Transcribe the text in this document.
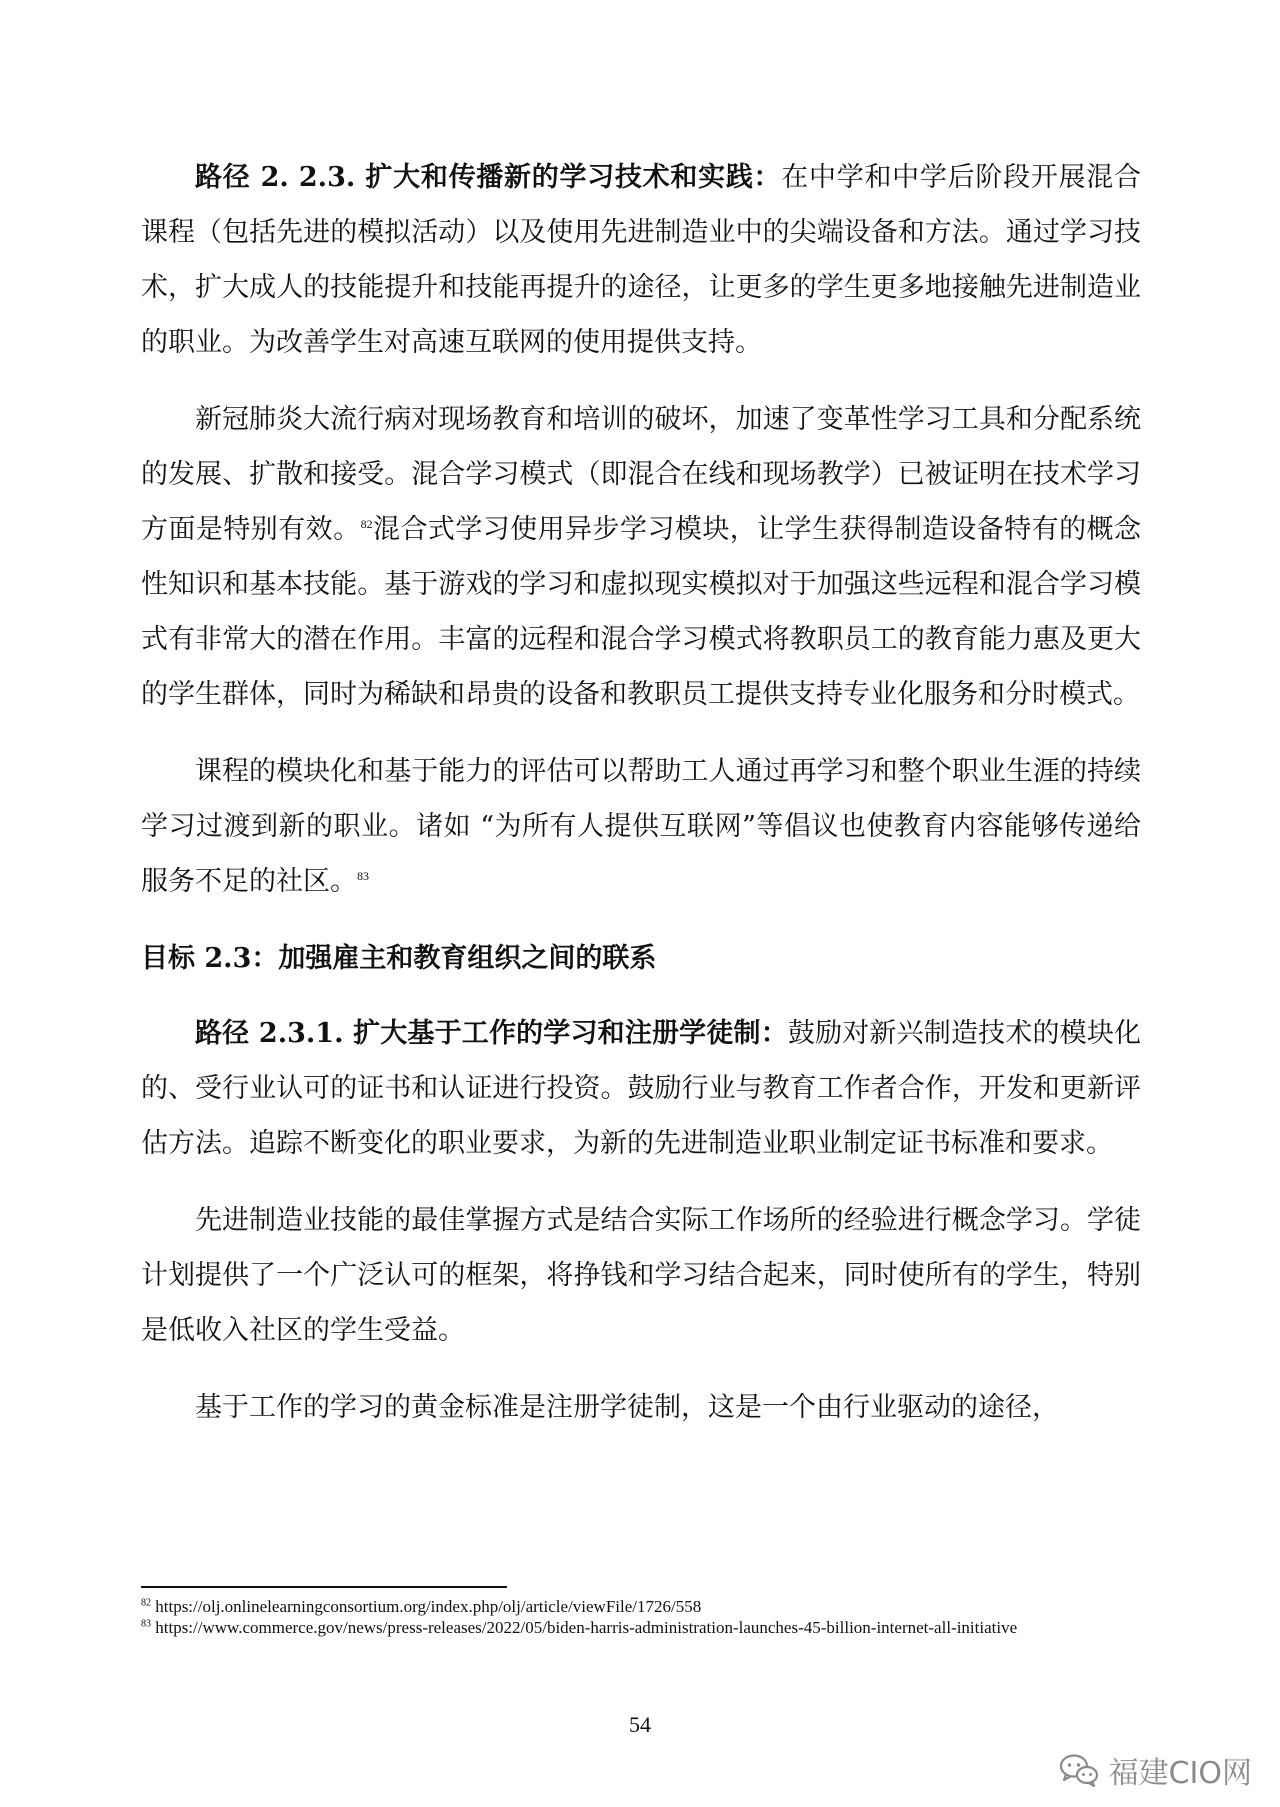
路径 2. 2.3. 扩大和传播新的学习技术和实践：在中学和中学后阶段开展混合课程（包括先进的模拟活动）以及使用先进制造业中的尖端设备和方法。通过学习技术，扩大成人的技能提升和技能再提升的途径，让更多的学生更多地接触先进制造业的职业。为改善学生对高速互联网的使用提供支持。

新冠肺炎大流行病对现场教育和培训的破坏，加速了变革性学习工具和分配系统的发展、扩散和接受。混合学习模式（即混合在线和现场教学）已被证明在技术学习方面是特别有效。$^{82}$混合式学习使用异步学习模块，让学生获得制造设备特有的概念性知识和基本技能。基于游戏的学习和虚拟现实模拟对于加强这些远程和混合学习模式有非常大的潜在作用。丰富的远程和混合学习模式将教职员工的教育能力惠及更大的学生群体，同时为稀缺和昂贵的设备和教职员工提供支持专业化服务和分时模式。

课程的模块化和基于能力的评估可以帮助工人通过再学习和整个职业生涯的持续学习过渡到新的职业。诸如 “为所有人提供互联网”等倡议也使教育内容能够传递给服务不足的社区。$^{83}$

目标 2.3：加强雇主和教育组织之间的联系

路径 2.3.1. 扩大基于工作的学习和注册学徒制：鼓励对新兴制造技术的模块化的、受行业认可的证书和认证进行投资。鼓励行业与教育工作者合作，开发和更新评估方法。追踪不断变化的职业要求，为新的先进制造业职业制定证书标准和要求。

先进制造业技能的最佳掌握方式是结合实际工作场所的经验进行概念学习。学徒计划提供了一个广泛认可的框架，将挣钱和学习结合起来，同时使所有的学生，特别是低收入社区的学生受益。

基于工作的学习的黄金标准是注册学徒制，这是一个由行业驱动的途径，

$^{82}$ https://olj.onlinelearningconsortium.org/index.php/olj/article/viewFile/1726/558

$^{83}$ https://www.commerce.gov/news/press-releases/2022/05/biden-harris-administration-launches-45-billion-internet-all-initiative

54
福建CIO网
